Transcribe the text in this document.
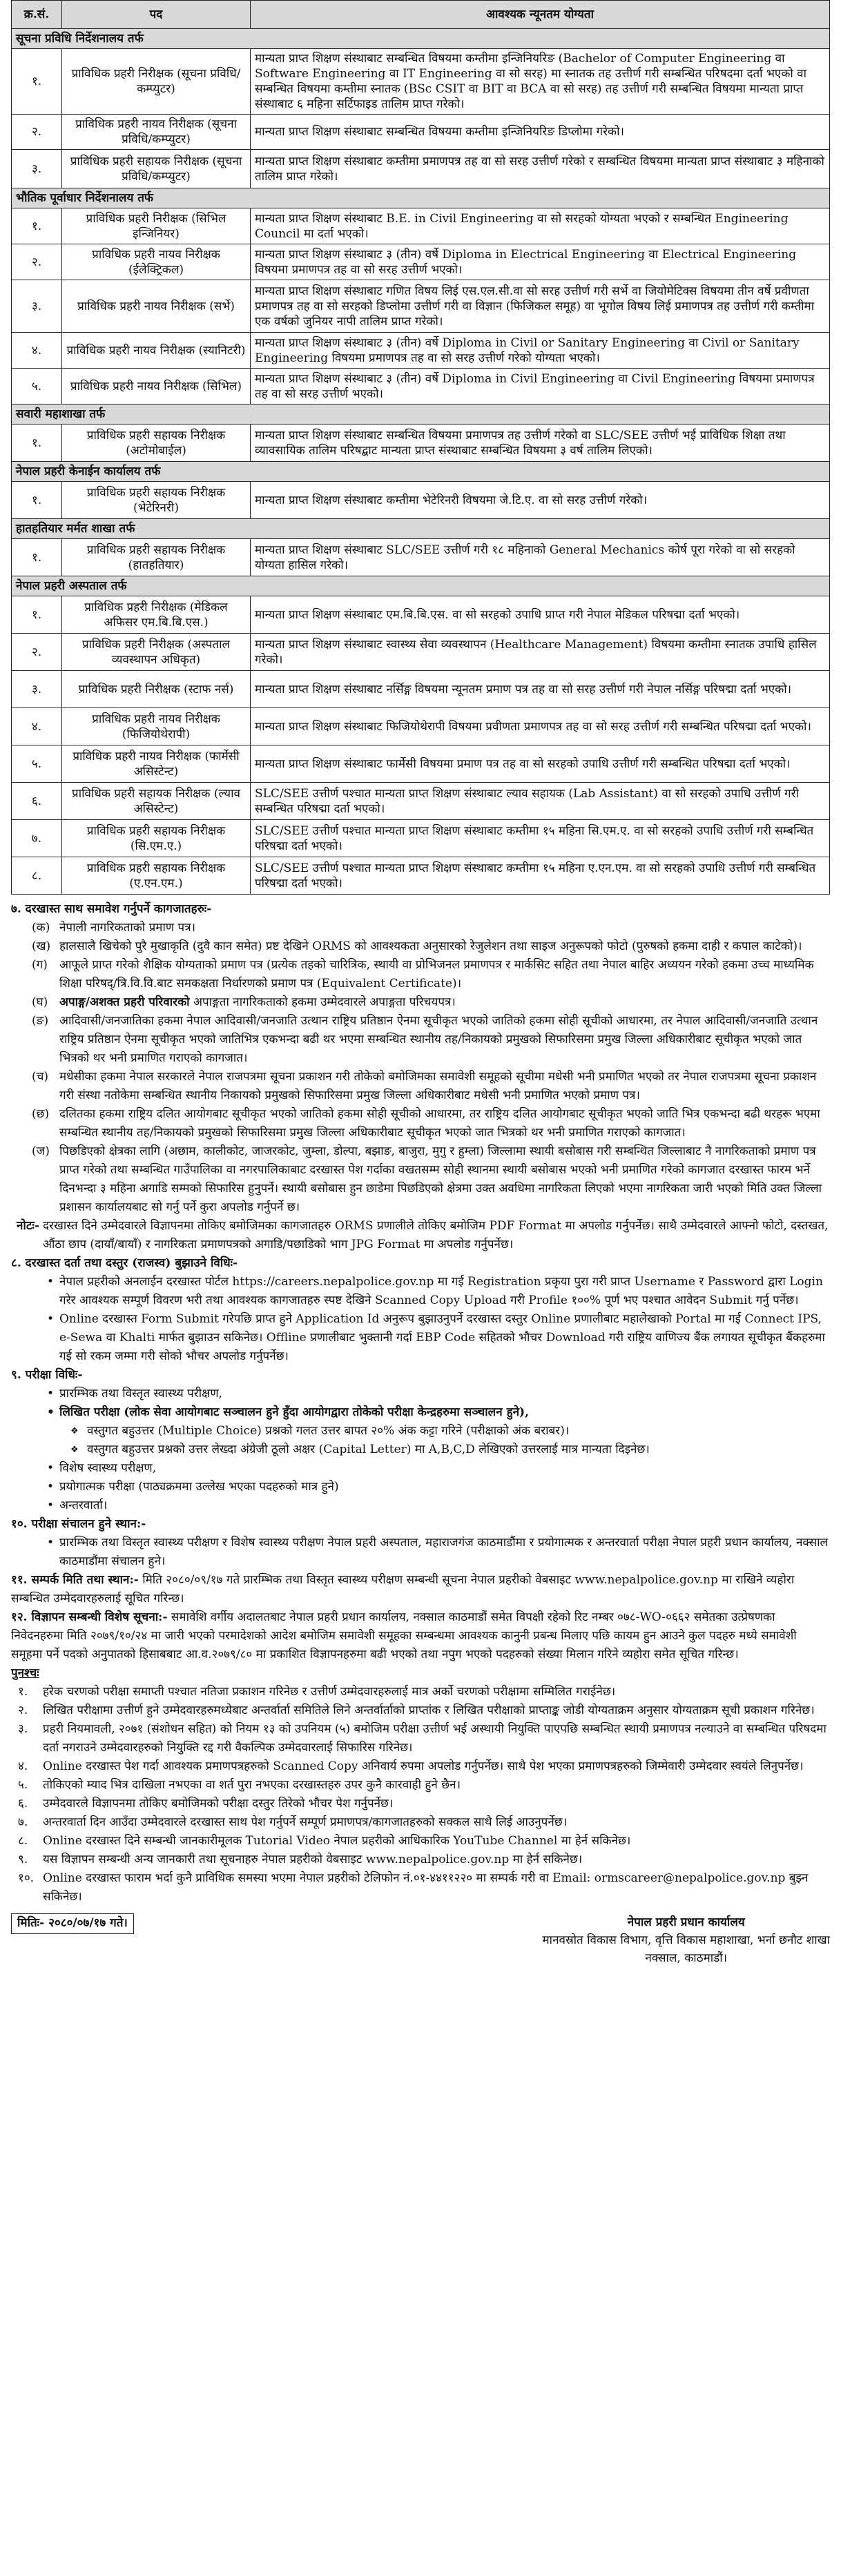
क्र.सं.	पद	आवश्यक न्यूनतम योग्यता
सूचना प्रविधि निर्देशनालय तर्फ		
१.	प्राविधिक प्रहरी निरीक्षक (सूचना प्रविधि/कम्प्युटर)	मान्यता प्राप्त शिक्षण संस्थाबाट सम्बन्धित विषयमा कम्तीमा इन्जिनियरिङ (Bachelor of Computer Engineering वा Software Engineering वा IT Engineering वा सो सरह) मा स्नातक तह उत्तीर्ण गरी सम्बन्धित परिषदमा दर्ता भएको वा सम्बन्धित विषयमा कम्तीमा स्नातक (BSc CSIT वा BIT वा BCA वा सो सरह) तह उत्तीर्ण गरी सम्बन्धित विषयमा मान्यता प्राप्त संस्थाबाट ६ महिना सर्टिफाइड तालिम प्राप्त गरेको।
२.	प्राविधिक प्रहरी नायव निरीक्षक (सूचना प्रविधि/कम्प्युटर)	मान्यता प्राप्त शिक्षण संस्थाबाट सम्बन्धित विषयमा कम्तीमा इन्जिनियरिङ डिप्लोमा गरेको।
३.	प्राविधिक प्रहरी सहायक निरीक्षक (सूचना प्रविधि/कम्प्युटर)	मान्यता प्राप्त शिक्षण संस्थाबाट कम्तीमा प्रमाणपत्र तह वा सो सरह उत्तीर्ण गरेको र सम्बन्धित विषयमा मान्यता प्राप्त संस्थाबाट ३ महिनाको तालिम प्राप्त गरेको।
भौतिक पूर्वाधार निर्देशनालय तर्फ		
१.	प्राविधिक प्रहरी निरीक्षक (सिभिल इन्जिनियर)	मान्यता प्राप्त शिक्षण संस्थाबाट B.E. in Civil Engineering वा सो सरहको योग्यता भएको र सम्बन्धित Engineering Council मा दर्ता भएको।
२.	प्राविधिक प्रहरी नायव निरीक्षक (ईलेक्ट्रिकल)	मान्यता प्राप्त शिक्षण संस्थाबाट ३ (तीन) वर्षे Diploma in Electrical Engineering वा Electrical Engineering विषयमा प्रमाणपत्र तह वा सो सरह उत्तीर्ण भएको।
३.	प्राविधिक प्रहरी नायव निरीक्षक (सर्भे)	मान्यता प्राप्त शिक्षण संस्थाबाट गणित विषय लिई एस.एल.सी.वा सो सरह उत्तीर्ण गरी सर्भे वा जियोमेटिक्स विषयमा तीन वर्षे प्रवीणता प्रमाणपत्र तह वा सो सरहको डिप्लोमा उत्तीर्ण गरी वा विज्ञान (फिजिकल समूह) वा भूगोल विषय लिई प्रमाणपत्र तह उत्तीर्ण गरी कम्तीमा एक वर्षको जुनियर नापी तालिम प्राप्त गरेको।
४.	प्राविधिक प्रहरी नायव निरीक्षक (स्यानिटरी)	मान्यता प्राप्त शिक्षण संस्थाबाट ३ (तीन) वर्षे Diploma in Civil or Sanitary Engineering वा Civil or Sanitary Engineering विषयमा प्रमाणपत्र तह वा सो सरह उत्तीर्ण गरेको योग्यता भएको।
५.	प्राविधिक प्रहरी नायव निरीक्षक (सिभिल)	मान्यता प्राप्त शिक्षण संस्थाबाट ३ (तीन) वर्षे Diploma in Civil Engineering वा Civil Engineering विषयमा प्रमाणपत्र तह वा सो सरह उत्तीर्ण भएको।
सवारी महाशाखा तर्फ		
१.	प्राविधिक प्रहरी सहायक निरीक्षक (अटोमोबाईल)	मान्यता प्राप्त शिक्षण संस्थाबाट सम्बन्धित विषयमा प्रमाणपत्र तह उत्तीर्ण गरेको वा SLC/SEE उत्तीर्ण भई प्राविधिक शिक्षा तथा व्यावसायिक तालिम परिषद्बाट मान्यता प्राप्त संस्थाबाट सम्बन्धित विषयमा ३ वर्ष तालिम लिएको।
नेपाल प्रहरी केनाईन कार्यालय तर्फ		
१.	प्राविधिक प्रहरी सहायक निरीक्षक (भेटेरिनरी)	मान्यता प्राप्त शिक्षण संस्थाबाट कम्तीमा भेटेरिनरी विषयमा जे.टि.ए. वा सो सरह उत्तीर्ण गरेको।
हातहतियार मर्मत शाखा तर्फ		
१.	प्राविधिक प्रहरी सहायक निरीक्षक (हातहतियार)	मान्यता प्राप्त शिक्षण संस्थाबाट SLC/SEE उत्तीर्ण गरी १८ महिनाको General Mechanics कोर्ष पूरा गरेको वा सो सरहको योग्यता हासिल गरेको।
नेपाल प्रहरी अस्पताल तर्फ		
१.	प्राविधिक प्रहरी निरीक्षक (मेडिकल अफिसर एम.बि.बि.एस.)	मान्यता प्राप्त शिक्षण संस्थाबाट एम.बि.बि.एस. वा सो सरहको उपाधि प्राप्त गरी नेपाल मेडिकल परिषद्मा दर्ता भएको।
२.	प्राविधिक प्रहरी निरीक्षक (अस्पताल व्यवस्थापन अधिकृत)	मान्यता प्राप्त शिक्षण संस्थाबाट स्वास्थ्य सेवा व्यवस्थापन (Healthcare Management) विषयमा कम्तीमा स्नातक उपाधि हासिल गरेको।
३.	प्राविधिक प्रहरी निरीक्षक (स्टाफ नर्स)	मान्यता प्राप्त शिक्षण संस्थाबाट नर्सिङ्ग विषयमा न्यूनतम प्रमाण पत्र तह वा सो सरह उत्तीर्ण गरी नेपाल नर्सिङ्ग परिषद्मा दर्ता भएको।
४.	प्राविधिक प्रहरी नायव निरीक्षक (फिजियोथेरापी)	मान्यता प्राप्त शिक्षण संस्थाबाट फिजियोथेरापी विषयमा प्रवीणता प्रमाणपत्र तह वा सो सरह उत्तीर्ण गरी सम्बन्धित परिषद्मा दर्ता भएको।
५.	प्राविधिक प्रहरी नायव निरीक्षक (फार्मेसी असिस्टेन्ट)	मान्यता प्राप्त शिक्षण संस्थाबाट फार्मेसी विषयमा प्रमाण पत्र तह वा सो सरहको उपाधि उत्तीर्ण गरी सम्बन्धित परिषद्मा दर्ता भएको।
६.	प्राविधिक प्रहरी सहायक निरीक्षक (ल्याव असिस्टेन्ट)	SLC/SEE उत्तीर्ण पश्चात मान्यता प्राप्त शिक्षण संस्थाबाट ल्याव सहायक (Lab Assistant) वा सो सरहको उपाधि उत्तीर्ण गरी सम्बन्धित परिषद्मा दर्ता भएको।
७.	प्राविधिक प्रहरी सहायक निरीक्षक (सि.एम.ए.)	SLC/SEE उत्तीर्ण पश्चात मान्यता प्राप्त शिक्षण संस्थाबाट कम्तीमा १५ महिना सि.एम.ए. वा सो सरहको उपाधि उत्तीर्ण गरी सम्बन्धित परिषद्मा दर्ता भएको।
८.	प्राविधिक प्रहरी सहायक निरीक्षक (ए.एन.एम.)	SLC/SEE उत्तीर्ण पश्चात मान्यता प्राप्त शिक्षण संस्थाबाट कम्तीमा १५ महिना ए.एन.एम. वा सो सरहको उपाधि उत्तीर्ण गरी सम्बन्धित परिषद्मा दर्ता भएको।
७. दरखास्त साथ समावेश गर्नुपर्ने कागजातहरुः-
(क) नेपाली नागरिकताको प्रमाण पत्र।
(ख) हालसालै खिचेको पुरै मुखाकृति (दुवै कान समेत) प्रष्ट देखिने ORMS को आवश्यकता अनुसारको रेजुलेशन तथा साइज अनुरूपको फोटो (पुरुषको हकमा दाही र कपाल काटेको)।
(ग)	आफूले प्राप्त गरेको शैक्षिक योग्यताको प्रमाण पत्र (प्रत्येक तहको चारित्रिक, स्थायी वा प्रोभिजनल प्रमाणपत्र र मार्कसिट सहित तथा नेपाल बाहिर अध्ययन गरेको हकमा उच्च माध्यमिक शिक्षा परिषद्/त्रि.वि.वि.बाट समकक्षता निर्धारणको प्रमाण पत्र (Equivalent Certificate)।
(घ) अपाङ्ग/अशक्त प्रहरी परिवारको अपाङ्गता नागरिकताको हकमा उम्मेदवारले अपाङ्गता परिचयपत्र।
(ङ) आदिवासी/जनजातिका हकमा नेपाल आदिवासी/जनजाति उत्थान राष्ट्रिय प्रतिष्ठान ऐनमा सूचीकृत भएको जातिको हकमा सोही सूचीको आधारमा, तर नेपाल आदिवासी/जनजाति उत्थान राष्ट्रिय प्रतिष्ठान ऐनमा सूचीकृत भएको जातिभित्र एकभन्दा बढी थर भएमा सम्बन्धित स्थानीय तह/निकायको प्रमुखको सिफारिसमा प्रमुख जिल्ला अधिकारीबाट सूचीकृत भएको जात भित्रको थर भनी प्रमाणित गराएको कागजात।
(च) मधेसीका हकमा नेपाल सरकारले नेपाल राजपत्रमा सूचना प्रकाशन गरी तोकेको बमोजिमका समावेशी समूहको सूचीमा मधेसी भनी प्रमाणित भएको तर नेपाल राजपत्रमा सूचना प्रकाशन गरी संस्था नतोकेमा सम्बन्धित स्थानीय निकायको प्रमुखको सिफारिसमा प्रमुख जिल्ला अधिकारीबाट मधेसी भनी प्रमाणित भएको प्रमाण पत्र।
(छ) दलितका हकमा राष्ट्रिय दलित आयोगबाट सूचीकृत भएको जातिको हकमा सोही सूचीको आधारमा, तर राष्ट्रिय दलित आयोगबाट सूचीकृत भएको जाति भित्र एकभन्दा बढी थरहरू भएमा सम्बन्धित स्थानीय तह/निकायको प्रमुखको सिफारिसमा प्रमुख जिल्ला अधिकारीबाट सूचीकृत भएको जात भित्रको थर भनी प्रमाणित गराएको कागजात।
(ज) पिछडिएको क्षेत्रका लागि (अछाम, कालीकोट, जाजरकोट, जुम्ला, डोल्पा, बझाङ, बाजुरा, मुगु र हुम्ला) जिल्लामा स्थायी बसोबास गरी सम्बन्धित जिल्लाबाट नै नागरिकताको प्रमाण पत्र प्राप्त गरेको तथा सम्बन्धित गाउँपालिका वा नगरपालिकाबाट दरखास्त पेश गर्दाका वखतसम्म सोही स्थानमा स्थायी बसोबास भएको भनी प्रमाणित गरेको कागजात दरखास्त फारम भर्ने दिनभन्दा ३ महिना अगाडि सम्मको सिफारिस हुनुपर्ने। स्थायी बसोबास हुन छाडेमा पिछडिएको क्षेत्रमा उक्त अवधिमा नागरिकता लिएको भएमा नागरिकता जारी भएको मिति उक्त जिल्ला प्रशासन कार्यालयबाट सो गर्नु पर्ने कुरा अपलोड गर्नुपर्ने छ।
नोटः- दरखास्त दिने उम्मेदवारले विज्ञापनमा तोकिए बमोजिमका कागजातहरु ORMS प्रणालीले तोकिए बमोजिम PDF Format मा अपलोड गर्नुपर्नेछ। साथै उम्मेदवारले आफ्नो फोटो, दस्तखत, औंठा छाप (दायाँ/बायाँ) र नागरिकता प्रमाणपत्रको अगाडि/पछाडिको भाग JPG Format मा अपलोड गर्नुपर्नेछ।
८. दरखास्त दर्ता तथा दस्तुर (राजस्व) बुझाउने विधिः-
• नेपाल प्रहरीको अनलाईन दरखास्त पोर्टल https://careers.nepalpolice.gov.np मा गई Registration प्रकृया पुरा गरी प्राप्त Username र Password द्वारा Login गरेर आवश्यक सम्पूर्ण विवरण भरी तथा आवश्यक कागजातहरु स्पष्ट देखिने Scanned Copy Upload गरी Profile १००% पूर्ण भए पश्चात आवेदन Submit गर्नु पर्नेछ।
• Online दरखास्त Form Submit गरेपछि प्राप्त हुने Application Id अनुरूप बुझाउनुपर्ने दरखास्त दस्तुर Online प्रणालीबाट महालेखाको Portal मा गई Connect IPS, e-Sewa वा Khalti मार्फत बुझाउन सकिनेछ। Offline प्रणालीबाट भुक्तानी गर्दा EBP Code सहितको भौचर Download गरी राष्ट्रिय वाणिज्य बैंक लगायत सूचीकृत बैंकहरुमा गई सो रकम जम्मा गरी सोको भौचर अपलोड गर्नुपर्नेछ।
९. परीक्षा विधिः-
• प्रारम्भिक तथा विस्तृत स्वास्थ्य परीक्षण,
• लिखित परीक्षा (लोक सेवा आयोगबाट सञ्चालन हुने हुँदा आयोगद्वारा तोकेको परीक्षा केन्द्रहरुमा सञ्चालन हुने),
❖ वस्तुगत बहुउत्तर (Multiple Choice) प्रश्नको गलत उत्तर बापत २०% अंक कट्टा गरिने (परीक्षाको अंक बराबर)।
❖ वस्तुगत बहुउत्तर प्रश्नको उत्तर लेख्दा अंग्रेजी ठूलो अक्षर (Capital Letter) मा A,B,C,D लेखिएको उत्तरलाई मात्र मान्यता दिइनेछ।
• विशेष स्वास्थ्य परीक्षण,
• प्रयोगात्मक परीक्षा (पाठ्यक्रममा उल्लेख भएका पदहरुको मात्र हुने)
• अन्तरवार्ता।
१०. परीक्षा संचालन हुने स्थान:-
• प्रारम्भिक तथा विस्तृत स्वास्थ्य परीक्षण र विशेष स्वास्थ्य परीक्षण नेपाल प्रहरी अस्पताल, महाराजगंज काठमाडौंमा र प्रयोगात्मक र अन्तरवार्ता परीक्षा नेपाल प्रहरी प्रधान कार्यालय, नक्साल काठमाडौंमा संचालन हुने।
११. सम्पर्क मिति तथा स्थान:- मिति २०८०/०९/१७ गते प्रारम्भिक तथा विस्तृत स्वास्थ्य परीक्षण सम्बन्धी सूचना नेपाल प्रहरीको वेबसाइट www.nepalpolice.gov.np मा राखिने व्यहोरा सम्बन्धित उम्मेदवारहरुलाई सूचित गरिन्छ।
१२. विज्ञापन सम्बन्धी विशेष सूचना:- समावेशि वर्गीय अदालतबाट नेपाल प्रहरी प्रधान कार्यालय, नक्साल काठमाडौं समेत विपक्षी रहेको रिट नम्बर ०७८-WO-०६६२ समेतका उत्प्रेषणका निवेदनहरुमा मिति २०७९/१०/२४ मा जारी भएको परमादेशको आदेश बमोजिम समावेशी समूहका सम्बन्धमा आवश्यक कानुनी प्रबन्ध मिलाए पछि कायम हुन आउने कुल पदहरु मध्ये समावेशी समूहमा पर्ने पदको अनुपातको हिसाबबाट आ.व.२०७९/८० मा प्रकाशित विज्ञापनहरुमा बढी भएको तथा नपुग भएको पदहरुको संख्या मिलान गरिने व्यहोरा समेत सूचित गरिन्छ।
पुनश्चः
१.	हरेक चरणको परीक्षा समाप्ती पश्चात नतिजा प्रकाशन गरिनेछ र उत्तीर्ण उम्मेदवारहरुलाई मात्र अर्को चरणको परीक्षामा सम्मिलित गराईनेछ।
२.	लिखित परीक्षामा उत्तीर्ण हुने उम्मेदवारहरुमध्येबाट अन्तर्वार्ता समितिले लिने अन्तर्वार्ताको प्राप्तांक र लिखित परीक्षाको प्राप्ताङ्क जोडी योग्यताक्रम अनुसार योग्यताक्रम सूची प्रकाशन गरिनेछ।
३.	प्रहरी नियमावली, २०७१ (संशोधन सहित) को नियम १३ को उपनियम (५) बमोजिम परीक्षा उत्तीर्ण भई अस्थायी नियुक्ति पाएपछि सम्बन्धित स्थायी प्रमाणपत्र नल्याउने वा सम्बन्धित परिषदमा दर्ता नगराउने उम्मेदवारहरुको नियुक्ति रद्द गरी वैकल्पिक उम्मेदवारलाई सिफारिस गरिनेछ।
४.	Online दरखास्त पेश गर्दा आवश्यक प्रमाणपत्रहरुको Scanned Copy अनिवार्य रुपमा अपलोड गर्नुपर्नेछ। साथै पेश भएका प्रमाणपत्रहरुको जिम्मेवारी उम्मेदवार स्वयंले लिनुपर्नेछ।
५.	तोकिएको म्याद भित्र दाखिला नभएका वा शर्त पुरा नभएका दरखास्तहरु उपर कुनै कारवाही हुने छैन।
६.	उम्मेदवारले विज्ञापनमा तोकिए बमोजिमको परीक्षा दस्तुर तिरेको भौचर पेश गर्नुपर्नेछ।
७.	अन्तरवार्ता दिन आउँदा उम्मेदवारले दरखास्त साथ पेश गर्नुपर्ने सम्पूर्ण प्रमाणपत्र/कागजातहरुको सक्कल साथै लिई आउनुपर्नेछ।
८.	Online दरखास्त दिने सम्बन्धी जानकारीमूलक Tutorial Video नेपाल प्रहरीको आधिकारिक YouTube Channel मा हेर्न सकिनेछ।
९.	यस विज्ञापन सम्बन्धी अन्य जानकारी तथा सूचनाहरु नेपाल प्रहरीको वेबसाइट www.nepalpolice.gov.np मा हेर्न सकिनेछ।
१०. Online दरखास्त फाराम भर्दा कुनै प्राविधिक समस्या भएमा नेपाल प्रहरीको टेलिफोन नं.०१-४४११२२० मा सम्पर्क गरी वा Email: ormscareer@nepalpolice.gov.np बुझ्न सकिनेछ।
मितिः- २०८०/०७/१७ गते।	नेपाल प्रहरी प्रधान कार्यालय
मानवस्रोत विकास विभाग, वृत्ति विकास महाशाखा, भर्ना छनौट शाखा
नक्साल, काठमाडौं।
